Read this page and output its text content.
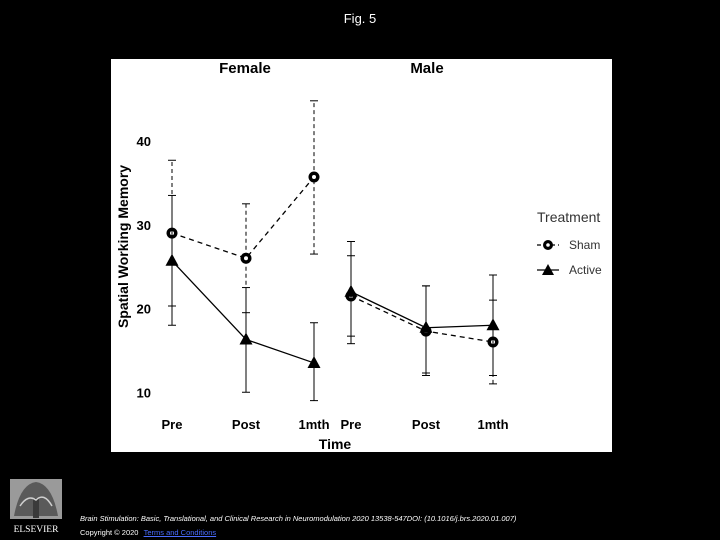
Fig. 5
Female	Male
10
20
30
40
Spatial Working Memory
Pre	Post	1mth Pre	Post	1mth
Time
Treatment
Sham
Active
ELSEVIER
Brain Stimulation: Basic, Translational, and Clinical Research in Neuromodulation 2020 13538-547DOI: (10.1016/j.brs.2020.01.007)
Copyright © 2020 Terms and Conditions
